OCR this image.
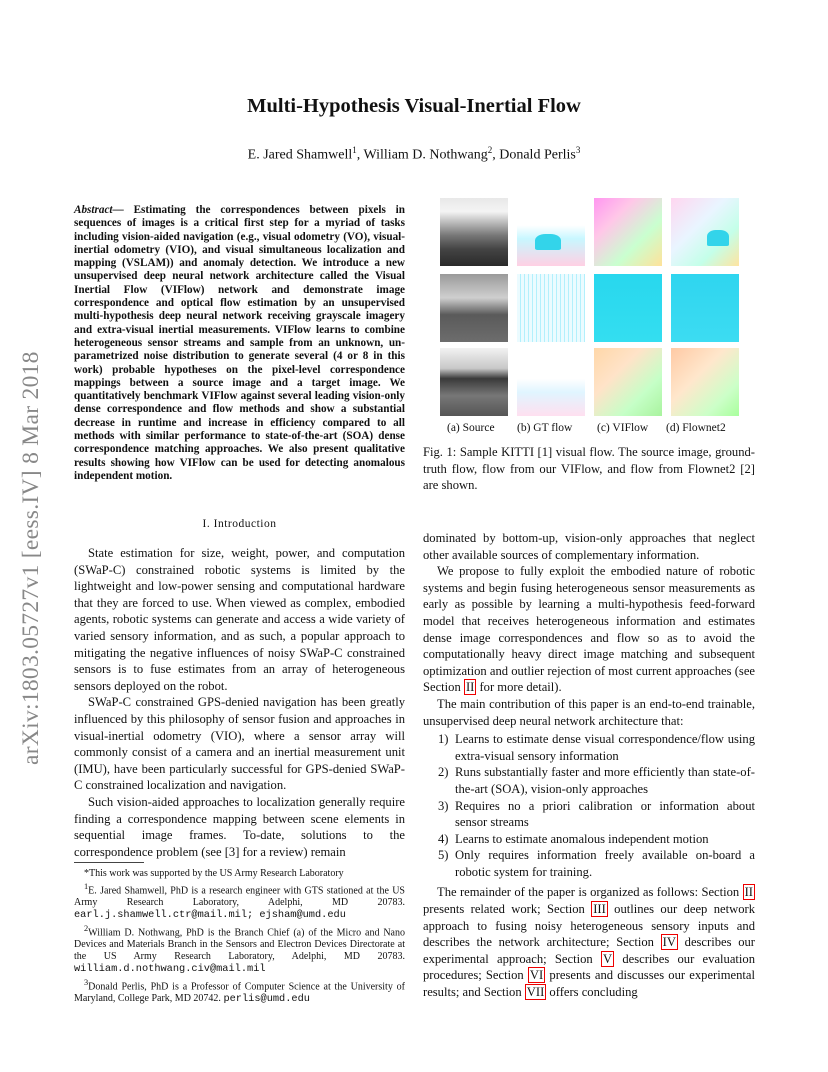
Multi-Hypothesis Visual-Inertial Flow
E. Jared Shamwell$^1$, William D. Nothwang$^2$, Donald Perlis$^3$
arXiv:1803.05727v1 [eess.IV] 8 Mar 2018
Abstract— Estimating the correspondences between pixels in sequences of images is a critical first step for a myriad of tasks including vision-aided navigation (e.g., visual odometry (VO), visual-inertial odometry (VIO), and visual simultaneous localization and mapping (VSLAM)) and anomaly detection. We introduce a new unsupervised deep neural network architecture called the Visual Inertial Flow (VIFlow) network and demonstrate image correspondence and optical flow estimation by an unsupervised multi-hypothesis deep neural network receiving grayscale imagery and extra-visual inertial measurements. VIFlow learns to combine heterogeneous sensor streams and sample from an unknown, un-parametrized noise distribution to generate several (4 or 8 in this work) probable hypotheses on the pixel-level correspondence mappings between a source image and a target image. We quantitatively benchmark VIFlow against several leading vision-only dense correspondence and flow methods and show a substantial decrease in runtime and increase in efficiency compared to all methods with similar performance to state-of-the-art (SOA) dense correspondence matching approaches. We also present qualitative results showing how VIFlow can be used for detecting anomalous independent motion.
I. Introduction

State estimation for size, weight, power, and computation (SWaP-C) constrained robotic systems is limited by the lightweight and low-power sensing and computational hardware that they are forced to use. When viewed as complex, embodied agents, robotic systems can generate and access a wide variety of varied sensory information, and as such, a popular approach to mitigating the negative influences of noisy SWaP-C constrained sensors is to fuse estimates from an array of heterogeneous sensors deployed on the robot.

SWaP-C constrained GPS-denied navigation has been greatly influenced by this philosophy of sensor fusion and approaches in visual-inertial odometry (VIO), where a sensor array will commonly consist of a camera and an inertial measurement unit (IMU), have been particularly successful for GPS-denied SWaP-C constrained localization and navigation.

Such vision-aided approaches to localization generally require finding a correspondence mapping between scene elements in sequential image frames. To-date, solutions to the correspondence problem (see [3] for a review) remain

*This work was supported by the US Army Research Laboratory

$^1$E. Jared Shamwell, PhD is a research engineer with GTS stationed at the US Army Research Laboratory, Adelphi, MD 20783. earl.j.shamwell.ctr@mail.mil; ejsham@umd.edu

$^2$William D. Nothwang, PhD is the Branch Chief (a) of the Micro and Nano Devices and Materials Branch in the Sensors and Electron Devices Directorate at the US Army Research Laboratory, Adelphi, MD 20783. william.d.nothwang.civ@mail.mil

$^3$Donald Perlis, PhD is a Professor of Computer Science at the University of Maryland, College Park, MD 20742. perlis@umd.edu

(a) Source (b) GT flow (c) VIFlow (d) Flownet2
Fig. 1: Sample KITTI [1] visual flow. The source image, ground-truth flow, flow from our VIFlow, and flow from Flownet2 [2] are shown.

dominated by bottom-up, vision-only approaches that neglect other available sources of complementary information.

We propose to fully exploit the embodied nature of robotic systems and begin fusing heterogeneous sensor measurements as early as possible by learning a multi-hypothesis feed-forward model that receives heterogeneous information and estimates dense image correspondences and flow so as to avoid the computationally heavy direct image matching and subsequent optimization and outlier rejection of most current approaches (see Section II for more detail).

The main contribution of this paper is an end-to-end trainable, unsupervised deep neural network architecture that:

1) Learns to estimate dense visual correspondence/flow using extra-visual sensory information
2) Runs substantially faster and more efficiently than state-of-the-art (SOA), vision-only approaches
3) Requires no a priori calibration or information about sensor streams
4) Learns to estimate anomalous independent motion
5) Only requires information freely available on-board a robotic system for training.

The remainder of the paper is organized as follows: Section II presents related work; Section III outlines our deep network approach to fusing noisy heterogeneous sensory inputs and describes the network architecture; Section IV describes our experimental approach; Section V describes our evaluation procedures; Section VI presents and discusses our experimental results; and Section VII offers concluding
